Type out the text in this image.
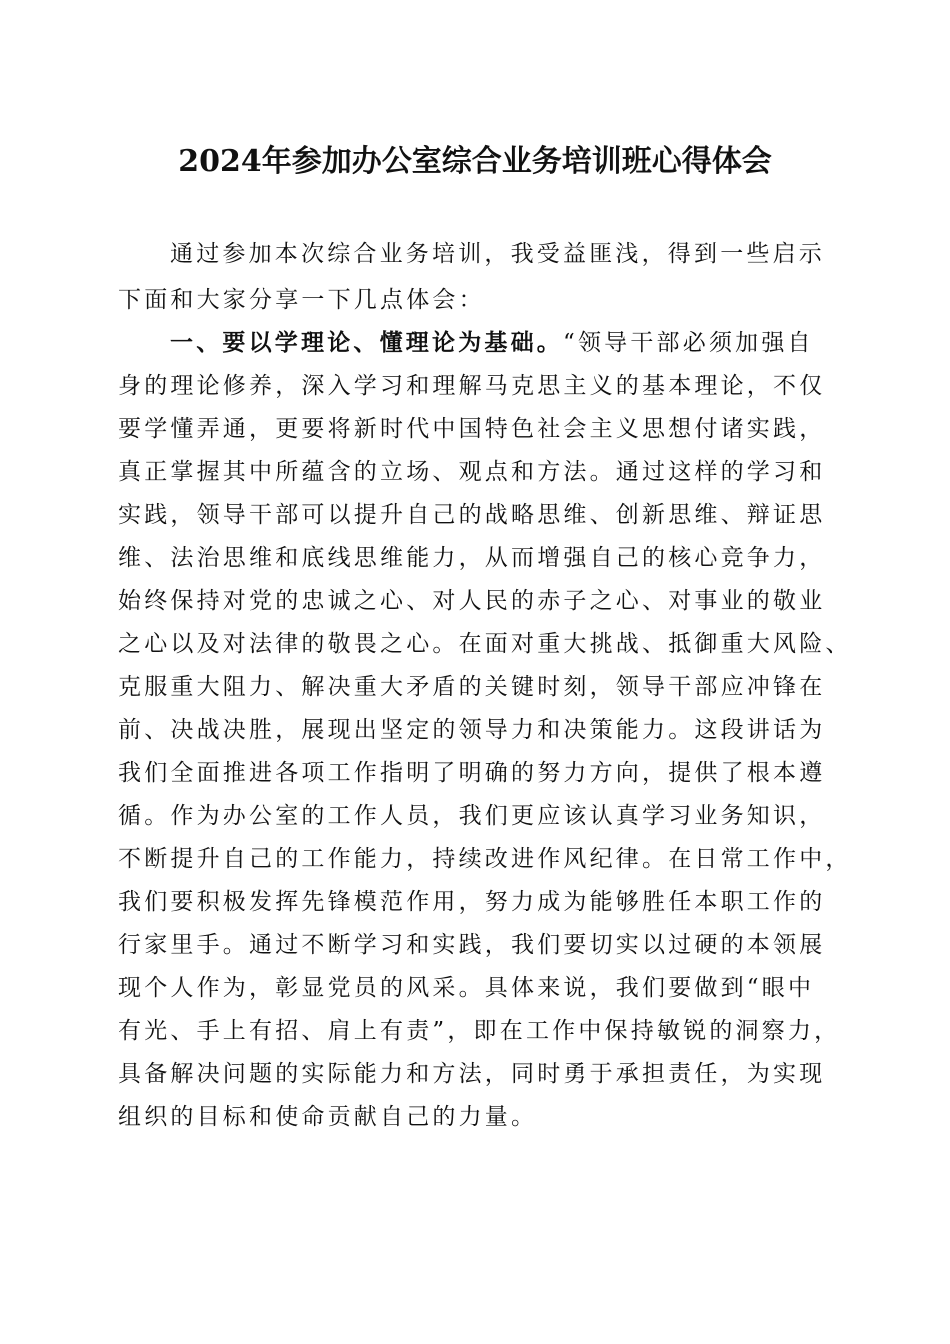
2024年参加办公室综合业务培训班心得体会
通过参加本次综合业务培训，我受益匪浅，得到一些启示
下面和大家分享一下几点体会：
一、要以学理论、懂理论为基础。“领导干部必须加强自
身的理论修养，深入学习和理解马克思主义的基本理论，不仅
要学懂弄通，更要将新时代中国特色社会主义思想付诸实践，
真正掌握其中所蕴含的立场、观点和方法。通过这样的学习和
实践，领导干部可以提升自己的战略思维、创新思维、辩证思
维、法治思维和底线思维能力，从而增强自己的核心竞争力，
始终保持对党的忠诚之心、对人民的赤子之心、对事业的敬业
之心以及对法律的敬畏之心。在面对重大挑战、抵御重大风险、
克服重大阻力、解决重大矛盾的关键时刻，领导干部应冲锋在
前、决战决胜，展现出坚定的领导力和决策能力。这段讲话为
我们全面推进各项工作指明了明确的努力方向，提供了根本遵
循。作为办公室的工作人员，我们更应该认真学习业务知识，
不断提升自己的工作能力，持续改进作风纪律。在日常工作中，
我们要积极发挥先锋模范作用，努力成为能够胜任本职工作的
行家里手。通过不断学习和实践，我们要切实以过硬的本领展
现个人作为，彰显党员的风采。具体来说，我们要做到“眼中
有光、手上有招、肩上有责”，即在工作中保持敏锐的洞察力，
具备解决问题的实际能力和方法，同时勇于承担责任，为实现
组织的目标和使命贡献自己的力量。
